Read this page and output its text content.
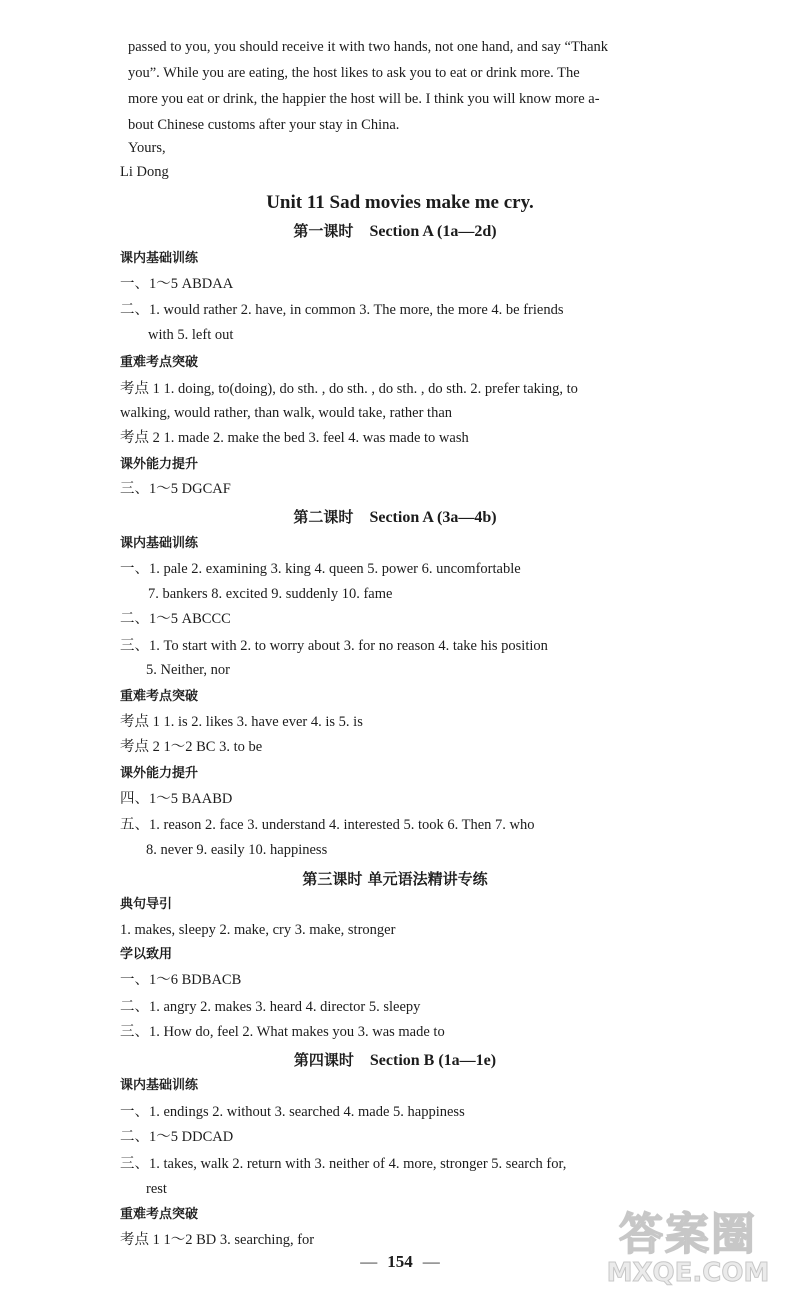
passed to you, you should receive it with two hands, not one hand, and say “Thank
you”. While you are eating, the host likes to ask you to eat or drink more. The
more you eat or drink, the happier the host will be. I think you will know more a-
bout Chinese customs after your stay in China.
Yours,
Li Dong
Unit 11 Sad movies make me cry.
第一课时 Section A (1a—2d)
课内基础训练
一、1～5 ABDAA
二、1. would rather 2. have, in common 3. The more, the more 4. be friends
with 5. left out
重难考点突破
考点 1 1. doing, to(doing), do sth. , do sth. , do sth. , do sth. 2. prefer taking, to
walking, would rather, than walk, would take, rather than
考点 2 1. made 2. make the bed 3. feel 4. was made to wash
课外能力提升
三、1～5 DGCAF
第二课时 Section A (3a—4b)
课内基础训练
一、1. pale 2. examining 3. king 4. queen 5. power 6. uncomfortable
7. bankers 8. excited 9. suddenly 10. fame
二、1～5 ABCCC
三、1. To start with 2. to worry about 3. for no reason 4. take his position
5. Neither, nor
重难考点突破
考点 1 1. is 2. likes 3. have ever 4. is 5. is
考点 2 1～2 BC 3. to be
课外能力提升
四、1～5 BAABD
五、1. reason 2. face 3. understand 4. interested 5. took 6. Then 7. who
8. never 9. easily 10. happiness
第三课时 单元语法精讲专练
典句导引
1. makes, sleepy 2. make, cry 3. make, stronger
学以致用
一、1～6 BDBACB
二、1. angry 2. makes 3. heard 4. director 5. sleepy
三、1. How do, feel 2. What makes you 3. was made to
第四课时 Section B (1a—1e)
课内基础训练
一、1. endings 2. without 3. searched 4. made 5. happiness
二、1～5 DDCAD
三、1. takes, walk 2. return with 3. neither of 4. more, stronger 5. search for,
rest
重难考点突破
考点 1 1～2 BD 3. searching, for
— 154 —
答案圈
MXQE.COM
